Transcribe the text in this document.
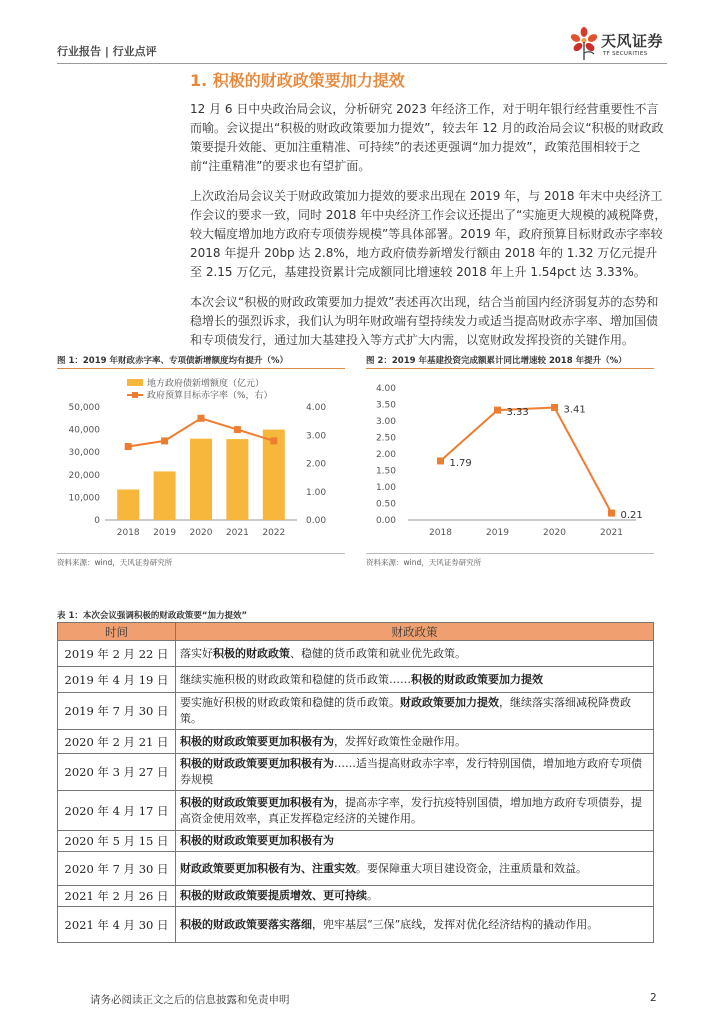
行业报告 | 行业点评
天风证券
TF SECURITIES
1. 积极的财政政策要加力提效

12 月 6 日中央政治局会议，分析研究 2023 年经济工作，对于明年银行经营重要性不言而喻。会议提出“积极的财政政策要加力提效”，较去年 12 月的政治局会议“积极的财政政策要提升效能、更加注重精准、可持续”的表述更强调“加力提效”，政策范围相较于之前“注重精准”的要求也有望扩面。

上次政治局会议关于财政政策加力提效的要求出现在 2019 年，与 2018 年末中央经济工作会议的要求一致，同时 2018 年中央经济工作会议还提出了“实施更大规模的减税降费，较大幅度增加地方政府专项债券规模”等具体部署。2019 年，政府预算目标财政赤字率较 2018 年提升 20bp 达 2.8%，地方政府债券新增发行额由 2018 年的 1.32 万亿元提升至 2.15 万亿元，基建投资累计完成额同比增速较 2018 年上升 1.54pct 达 3.33%。

本次会议“积极的财政政策要加力提效”表述再次出现，结合当前国内经济弱复苏的态势和稳增长的强烈诉求，我们认为明年财政端有望持续发力或适当提高财政赤字率、增加国债和专项债发行，通过加大基建投入等方式扩大内需，以宽财政发挥投资的关键作用。

图 1：2019 年财政赤字率、专项债新增额度均有提升（%）
地方政府债新增额度（亿元）
政府预算目标赤字率（%，右）
0
10,000
20,000
30,000
40,000
50,000
0.00
1.00
2.00
3.00
4.00
2018 2019 2020 2021 2022
资料来源：wind，天风证券研究所
图 2：2019 年基建投资完成额累计同比增速较 2018 年提升（%）
0.00
0.50
1.00
1.50
2.00
2.50
3.00
3.50
4.00
2018	2019	2020	2021
1.79
3.33	3.41
0.21
资料来源：wind，天风证券研究所
表 1：本次会议强调积极的财政政策要“加力提效”
时间	财政政策
2019 年 2 月 22 日	落实好积极的财政政策、稳健的货币政策和就业优先政策。
2019 年 4 月 19 日	继续实施积极的财政政策和稳健的货币政策……积极的财政政策要加力提效
2019 年 7 月 30 日	要实施好积极的财政政策和稳健的货币政策。财政政策要加力提效，继续落实落细减税降费政策。
2020 年 2 月 21 日	积极的财政政策要更加积极有为，发挥好政策性金融作用。
2020 年 3 月 27 日	积极的财政政策要更加积极有为……适当提高财政赤字率，发行特别国债，增加地方政府专项债券规模
2020 年 4 月 17 日	积极的财政政策要更加积极有为，提高赤字率，发行抗疫特别国债，增加地方政府专项债券，提高资金使用效率，真正发挥稳定经济的关键作用。
2020 年 5 月 15 日	积极的财政政策要更加积极有为
2020 年 7 月 30 日	财政政策要更加积极有为、注重实效。要保障重大项目建设资金，注重质量和效益。
2021 年 2 月 26 日	积极的财政政策要提质增效、更可持续。
2021 年 4 月 30 日	积极的财政政策要落实落细，兜牢基层“三保”底线，发挥对优化经济结构的撬动作用。
请务必阅读正文之后的信息披露和免责申明	2
